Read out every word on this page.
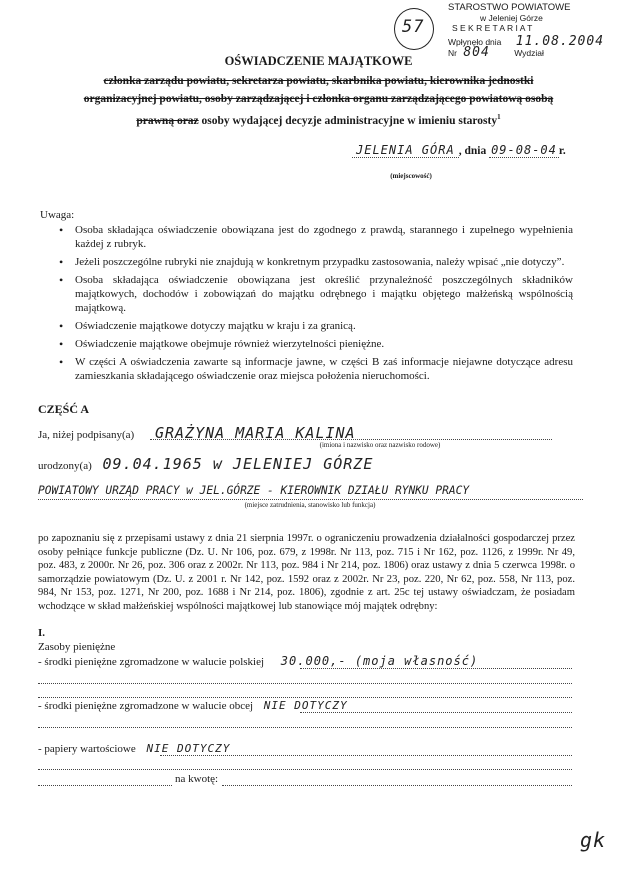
57
STAROSTWO POWIATOWE
w Jeleniej Górze
S E K R E T A R I A T
Wpłynęło dnia 11.08.2004
Nr 804	Wydział
OŚWIADCZENIE MAJĄTKOWE
członka zarządu powiatu, sekretarza powiatu, skarbnika powiatu, kierownika jednostki
organizacyjnej powiatu, osoby zarządzającej i członka organu zarządzającego powiatową osobą
prawną oraz osoby wydającej decyzje administracyjne w imieniu starosty$^1$
JELENIA GÓRA , dnia 09-08-04 r.
(miejscowość)
Uwaga:
• Osoba składająca oświadczenie obowiązana jest do zgodnego z prawdą, starannego i zupełnego wypełnienia każdej z rubryk.
• Jeżeli poszczególne rubryki nie znajdują w konkretnym przypadku zastosowania, należy wpisać „nie dotyczy”.
• Osoba składająca oświadczenie obowiązana jest określić przynależność poszczególnych składników majątkowych, dochodów i zobowiązań do majątku odrębnego i majątku objętego małżeńską wspólnością majątkową.
• Oświadczenie majątkowe dotyczy majątku w kraju i za granicą.
• Oświadczenie majątkowe obejmuje również wierzytelności pieniężne.
• W części A oświadczenia zawarte są informacje jawne, w części B zaś informacje niejawne dotyczące adresu zamieszkania składającego oświadczenie oraz miejsca położenia nieruchomości.
CZĘŚĆ A
Ja, niżej podpisany(a) GRAŻYNA MARIA KALINA
(imiona i nazwisko oraz nazwisko rodowe)
urodzony(a) 09.04.1965 w JELENIEJ GÓRZE
POWIATOWY URZĄD PRACY w JEL.GÓRZE - KIEROWNIK DZIAŁU RYNKU PRACY
(miejsce zatrudnienia, stanowisko lub funkcja)
po zapoznaniu się z przepisami ustawy z dnia 21 sierpnia 1997r. o ograniczeniu prowadzenia działalności gospodarczej przez osoby pełniące funkcje publiczne (Dz. U. Nr 106, poz. 679, z 1998r. Nr 113, poz. 715 i Nr 162, poz. 1126, z 1999r. Nr 49, poz. 483, z 2000r. Nr 26, poz. 306 oraz z 2002r. Nr 113, poz. 984 i Nr 214, poz. 1806) oraz ustawy z dnia 5 czerwca 1998r. o samorządzie powiatowym (Dz. U. z 2001 r. Nr 142, poz. 1592 oraz z 2002r. Nr 23, poz. 220, Nr 62, poz. 558, Nr 113, poz. 984, Nr 153, poz. 1271, Nr 200, poz. 1688 i Nr 214, poz. 1806), zgodnie z art. 25c tej ustawy oświadczam, że posiadam wchodzące w skład małżeńskiej wspólności majątkowej lub stanowiące mój majątek odrębny:
I.
Zasoby pieniężne
- środki pieniężne zgromadzone w walucie polskiej 30.000,- (moja własność)
- środki pieniężne zgromadzone w walucie obcej NIE DOTYCZY
- papiery wartościowe NIE DOTYCZY
na kwotę:
gk
